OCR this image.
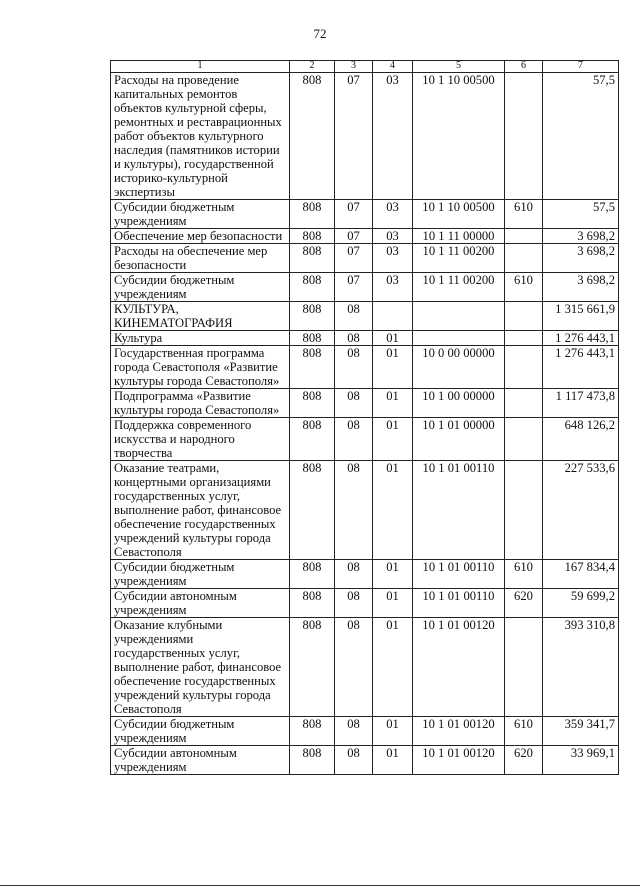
72
1	2	3	4	5	6	7
Расходы на проведение капитальных ремонтов объектов культурной сферы, ремонтных и реставрационных работ объектов культурного наследия (памятников истории и культуры), государственной историко-культурной экспертизы	808	07	03	10 1 10 00500		57,5
Субсидии бюджетным учреждениям	808	07	03	10 1 10 00500	610	57,5
Обеспечение мер безопасности	808	07	03	10 1 11 00000		3 698,2
Расходы на обеспечение мер безопасности	808	07	03	10 1 11 00200		3 698,2
Субсидии бюджетным учреждениям	808	07	03	10 1 11 00200	610	3 698,2
КУЛЬТУРА, КИНЕМАТОГРАФИЯ	808	08				1 315 661,9
Культура	808	08	01			1 276 443,1
Государственная программа города Севастополя «Развитие культуры города Севастополя»	808	08	01	10 0 00 00000		1 276 443,1
Подпрограмма «Развитие культуры города Севастополя»	808	08	01	10 1 00 00000		1 117 473,8
Поддержка современного искусства и народного творчества	808	08	01	10 1 01 00000		648 126,2
Оказание театрами, концертными организациями государственных услуг, выполнение работ, финансовое обеспечение государственных учреждений культуры города Севастополя	808	08	01	10 1 01 00110		227 533,6
Субсидии бюджетным учреждениям	808	08	01	10 1 01 00110	610	167 834,4
Субсидии автономным учреждениям	808	08	01	10 1 01 00110	620	59 699,2
Оказание клубными учреждениями государственных услуг, выполнение работ, финансовое обеспечение государственных учреждений культуры города Севастополя	808	08	01	10 1 01 00120		393 310,8
Субсидии бюджетным учреждениям	808	08	01	10 1 01 00120	610	359 341,7
Субсидии автономным учреждениям	808	08	01	10 1 01 00120	620	33 969,1
